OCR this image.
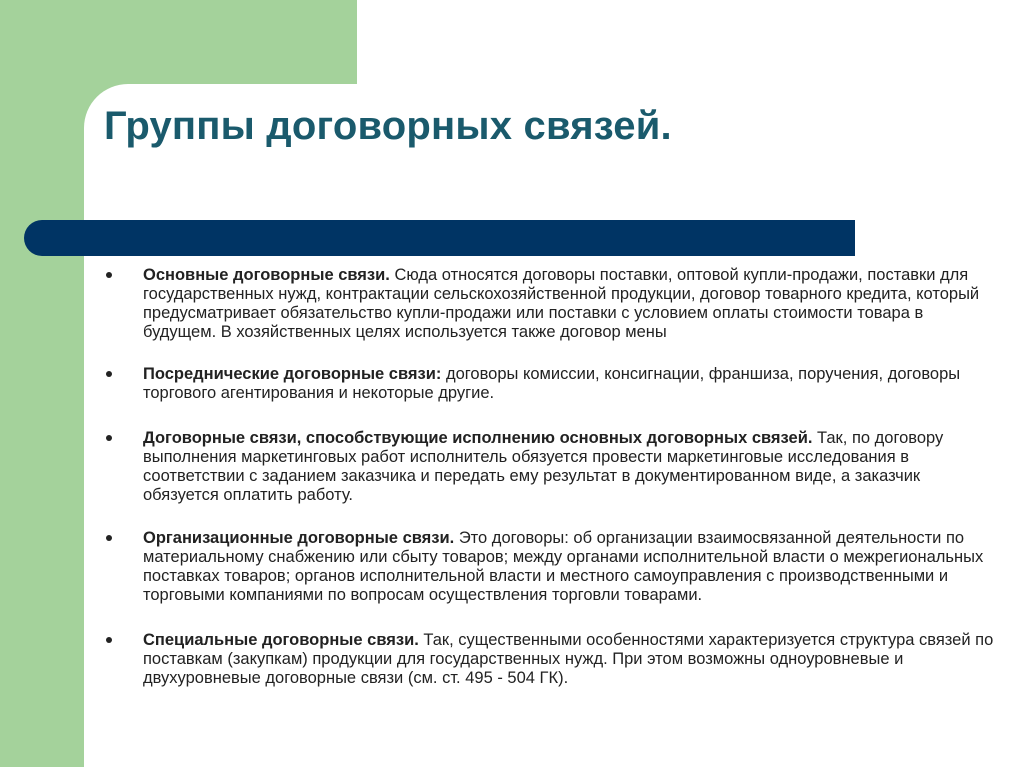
Группы договорных связей.
Основные договорные связи. Сюда относятся договоры поставки, оптовой купли-продажи, поставки для государственных нужд, контрактации сельскохозяйственной продукции, договор товарного кредита, который предусматривает обязательство купли-продажи или поставки с условием оплаты стоимости товара в будущем. В хозяйственных целях используется также договор мены
Посреднические договорные связи: договоры комиссии, консигнации, франшиза, поручения, договоры торгового агентирования и некоторые другие.
Договорные связи, способствующие исполнению основных договорных связей. Так, по договору выполнения маркетинговых работ исполнитель обязуется провести маркетинговые исследования в соответствии с заданием заказчика и передать ему результат в документированном виде, а заказчик обязуется оплатить работу.
Организационные договорные связи. Это договоры: об организации взаимосвязанной деятельности по материальному снабжению или сбыту товаров; между органами исполнительной власти о межрегиональных поставках товаров; органов исполнительной власти и местного самоуправления с производственными и торговыми компаниями по вопросам осуществления торговли товарами.
Специальные договорные связи. Так, существенными особенностями характеризуется структура связей по поставкам (закупкам) продукции для государственных нужд. При этом возможны одноуровневые и двухуровневые договорные связи (см. ст. 495 - 504 ГК).
